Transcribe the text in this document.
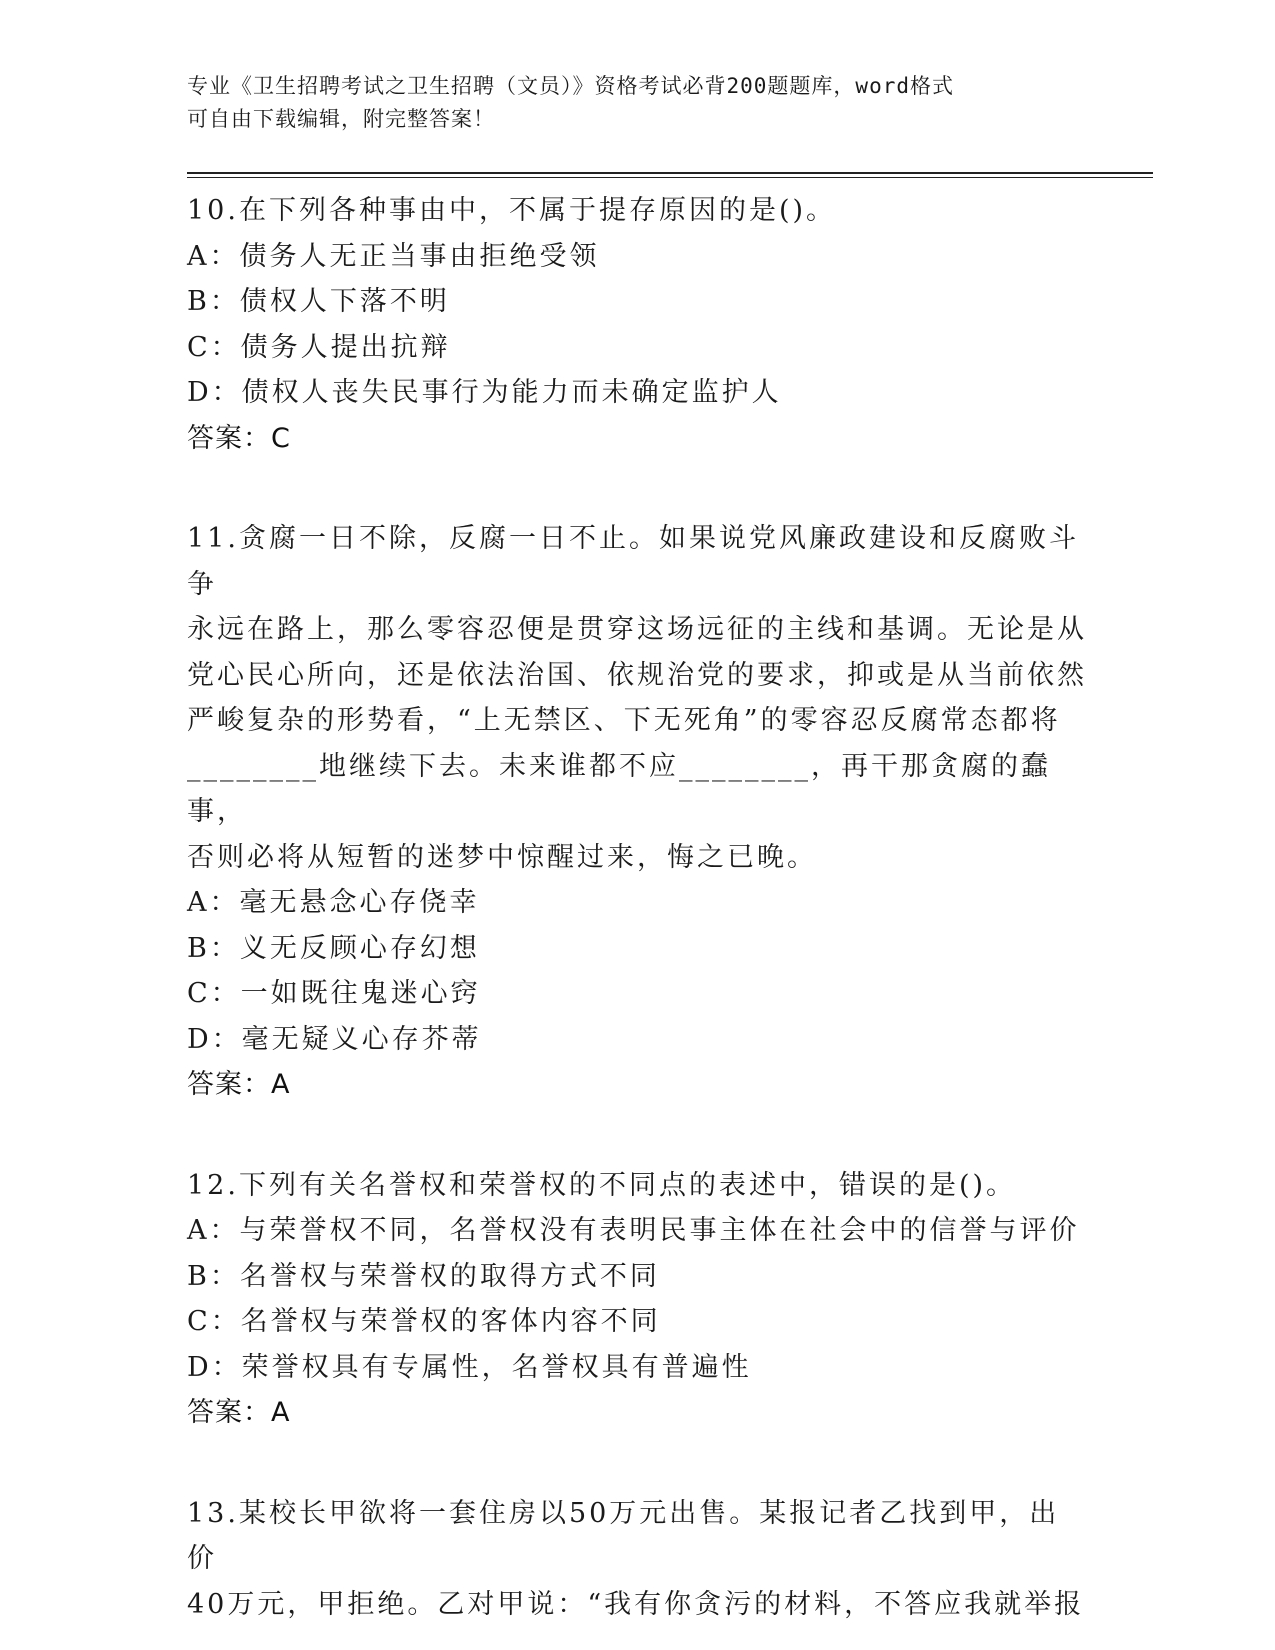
专业《卫生招聘考试之卫生招聘（文员）》资格考试必背200题题库，word格式

可自由下载编辑，附完整答案！

10.在下列各种事由中，不属于提存原因的是()。

A：债务人无正当事由拒绝受领

B：债权人下落不明

C：债务人提出抗辩

D：债权人丧失民事行为能力而未确定监护人

答案：C

11.贪腐一日不除，反腐一日不止。如果说党风廉政建设和反腐败斗争

永远在路上，那么零容忍便是贯穿这场远征的主线和基调。无论是从

党心民心所向，还是依法治国、依规治党的要求，抑或是从当前依然

严峻复杂的形势看，“上无禁区、下无死角”的零容忍反腐常态都将

________地继续下去。未来谁都不应________，再干那贪腐的蠢事，

否则必将从短暂的迷梦中惊醒过来，悔之已晚。

A：毫无悬念心存侥幸

B：义无反顾心存幻想

C：一如既往鬼迷心窍

D：毫无疑义心存芥蒂

答案：A

12.下列有关名誉权和荣誉权的不同点的表述中，错误的是()。

A：与荣誉权不同，名誉权没有表明民事主体在社会中的信誉与评价

B：名誉权与荣誉权的取得方式不同

C：名誉权与荣誉权的客体内容不同

D：荣誉权具有专属性，名誉权具有普遍性

答案：A

13.某校长甲欲将一套住房以50万元出售。某报记者乙找到甲，出价

40万元，甲拒绝。乙对甲说：“我有你贪污的材料，不答应我就举报
